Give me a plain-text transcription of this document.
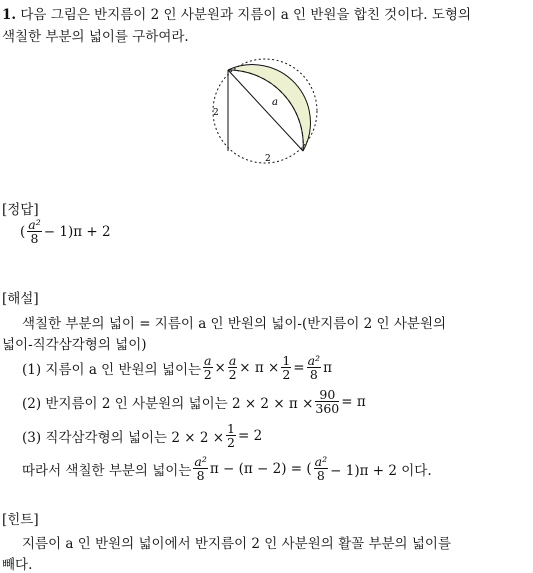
1. 다음 그림은 반지름이 2 인 사분원과 지름이 a 인 반원을 합친 것이다. 도형의
색칠한 부분의 넓이를 구하여라.
a
2
2
[정답]
( $\frac{\text{a²}}{8} - 1)\pi + 2$
[해설]
색칠한 부분의 넓이 = 지름이 a 인 반원의 넓이-(반지름이 2 인 사분원의
넓이-직각삼각형의 넓이)
(1) 지름이 a 인 반원의 넓이는 $\frac{a}{2} \times \frac{a}{2} \times \pi \times \frac{1}{2} = \frac{\text{a²}}{8}$ π
(2) 반지름이 2 인 사분원의 넓이는 $2 \times 2 \times \pi \times \frac{90}{360} = \pi$
(3) 직각삼각형의 넓이는 $2 \times 2 \times \frac{1}{2} = 2$
따라서 색칠한 부분의 넓이는 $\frac{\text{a²}}{8}$ π − (π − 2) = ( $\frac{\text{a²}}{8} - 1)\pi + 2$ 이다.
[힌트]
지름이 a 인 반원의 넓이에서 반지름이 2 인 사분원의 활꼴 부분의 넓이를
빼다.
